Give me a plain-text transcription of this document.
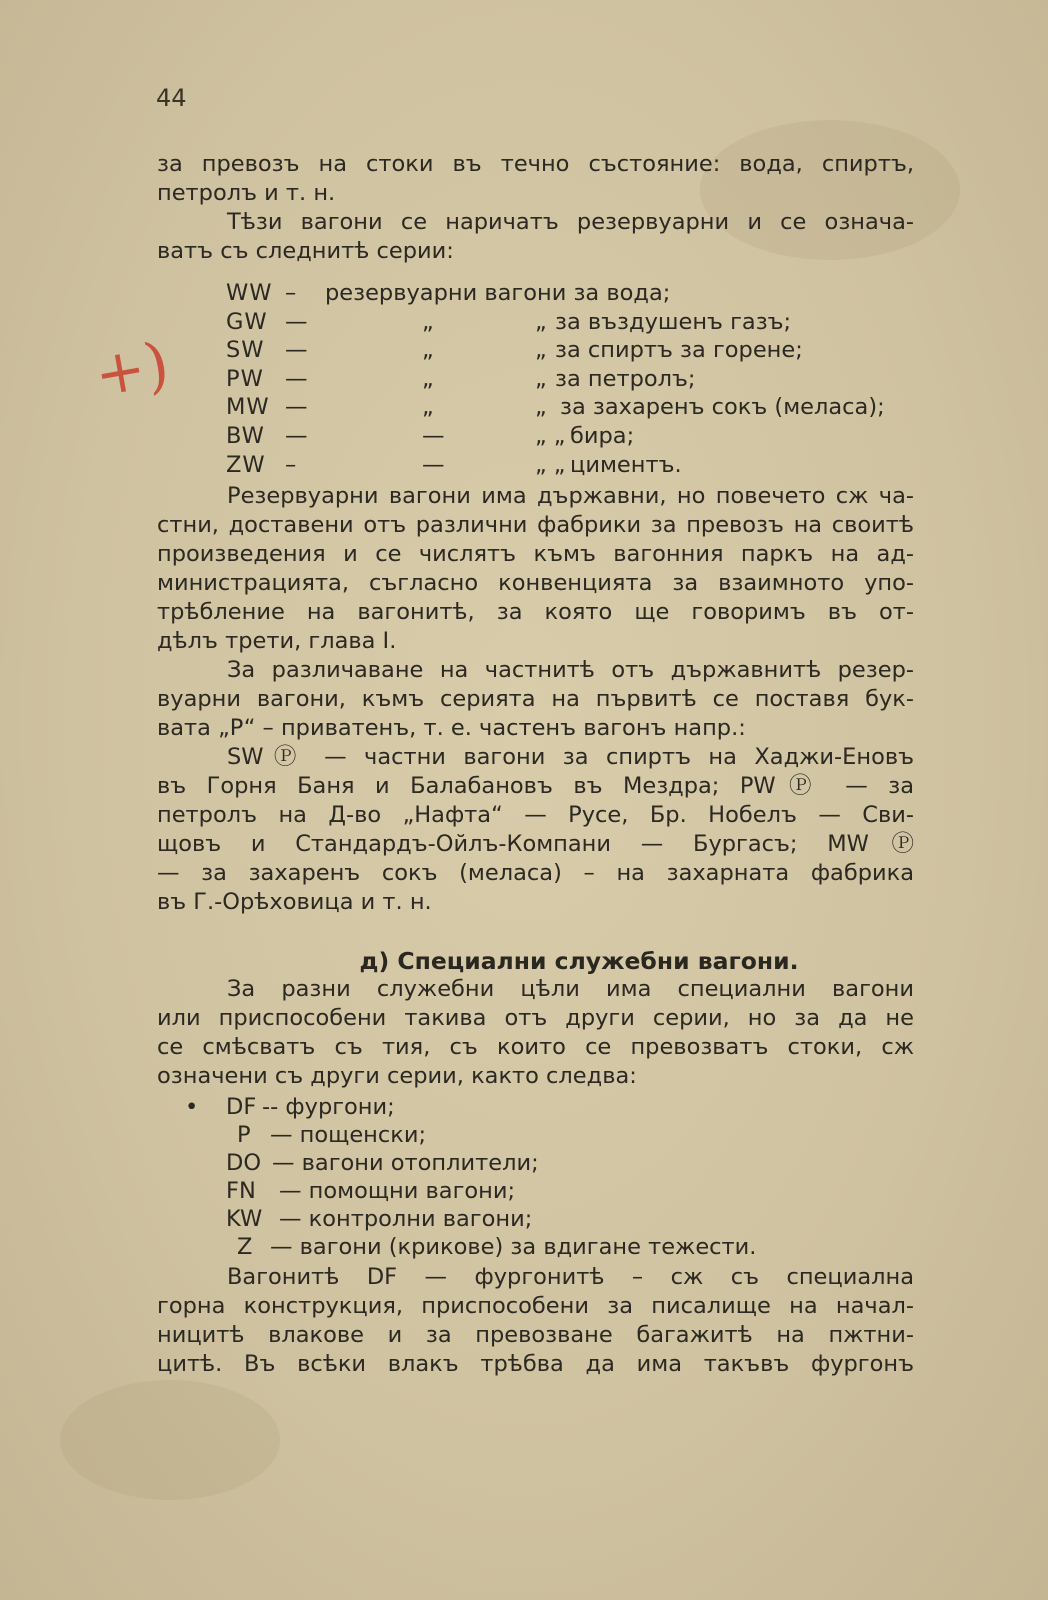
44
+)

за превозъ на стоки въ течно състояние: вода, спиртъ,

петролъ и т. н.

Тѣзи вагони се наричатъ резервуарни и се означа-

ватъ съ следнитѣ серии:

WW – резервуарни вагони за вода;
GW —	„	„ за въздушенъ газъ;
SW —	„	„ за спиртъ за горене;
PW —	„	„ за петролъ;
MW —	„	„ за захаренъ сокъ (меласа);
BW —	—	„ „ бира;
ZW –	—	„ „ циментъ.

Резервуарни вагони има държавни, но повечето сж ча-

стни, доставени отъ различни фабрики за превозъ на своитѣ

произведения и се числятъ къмъ вагонния паркъ на ад-

министрацията, съгласно конвенцията за взаимното упо-

трѣбление на вагонитѣ, за която ще говоримъ въ от-

дѣлъ трети, глава I.

За различаване на частнитѣ отъ държавнитѣ резер-

вуарни вагони, къмъ серията на първитѣ се поставя бук-

вата „P“ – приватенъ, т. е. частенъ вагонъ напр.:

SWⓅ — частни вагони за спиртъ на Хаджи-Еновъ

въ Горня Баня и Балабановъ въ Мездра; PWⓅ — за

петролъ на Д-во „Нафта“ — Русе, Бр. Нобелъ — Сви-

щовъ и Стандардъ-Ойлъ-Компани — Бургасъ; MWⓅ

— за захаренъ сокъ (меласа) – на захарната фабрика

въ Г.-Орѣховица и т. н.

д) Специални служебни вагони.

За разни служебни цѣли има специални вагони

или приспособени такива отъ други серии, но за да не

се смѣсватъ съ тия, съ които се превозватъ стоки, сж

означени съ други серии, както следва:

• DF -- фургони;
P — пощенски;
DO — вагони отоплители;
FN — помощни вагони;
KW — контролни вагони;
Z — вагони (крикове) за вдигане тежести.

Вагонитѣ DF — фургонитѣ – сж съ специална

горна конструкция, приспособени за писалище на начал-

ницитѣ влакове и за превозване багажитѣ на пжтни-

цитѣ. Въ всѣки влакъ трѣбва да има такъвъ фургонъ
